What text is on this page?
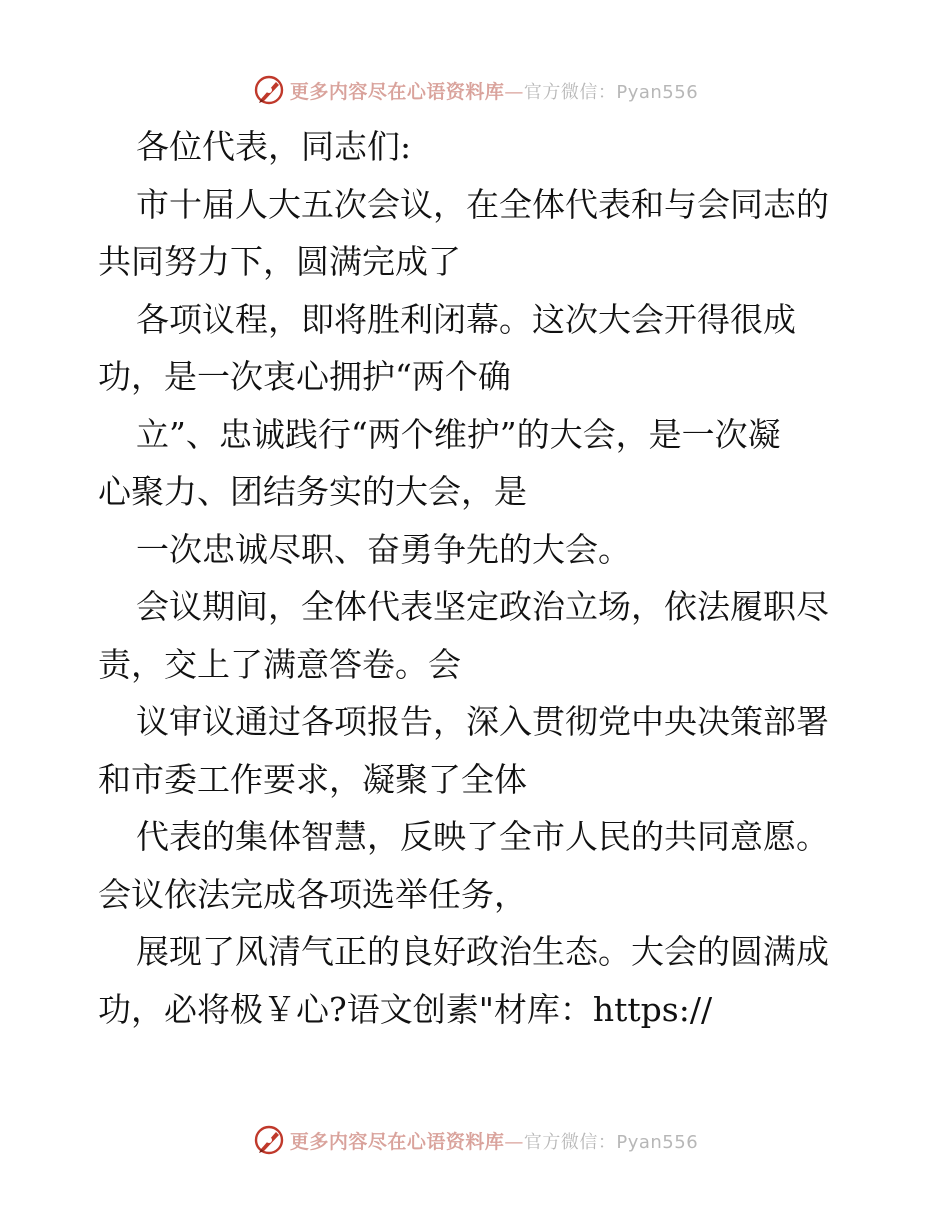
更多内容尽在心语资料库—官方微信：Pyan556
各位代表，同志们:
市十届人大五次会议，在全体代表和与会同志的
共同努力下，圆满完成了
各项议程，即将胜利闭幕。这次大会开得很成
功，是一次衷心拥护“两个确
立”、忠诚践行“两个维护”的大会，是一次凝
心聚力、团结务实的大会，是
一次忠诚尽职、奋勇争先的大会。
会议期间，全体代表坚定政治立场，依法履职尽
责，交上了满意答卷。会
议审议通过各项报告，深入贯彻党中央决策部署
和市委工作要求，凝聚了全体
代表的集体智慧，反映了全市人民的共同意愿。
会议依法完成各项选举任务，
展现了风清气正的良好政治生态。大会的圆满成
功，必将极￥心?语文创素"材库：https://
更多内容尽在心语资料库—官方微信：Pyan556
